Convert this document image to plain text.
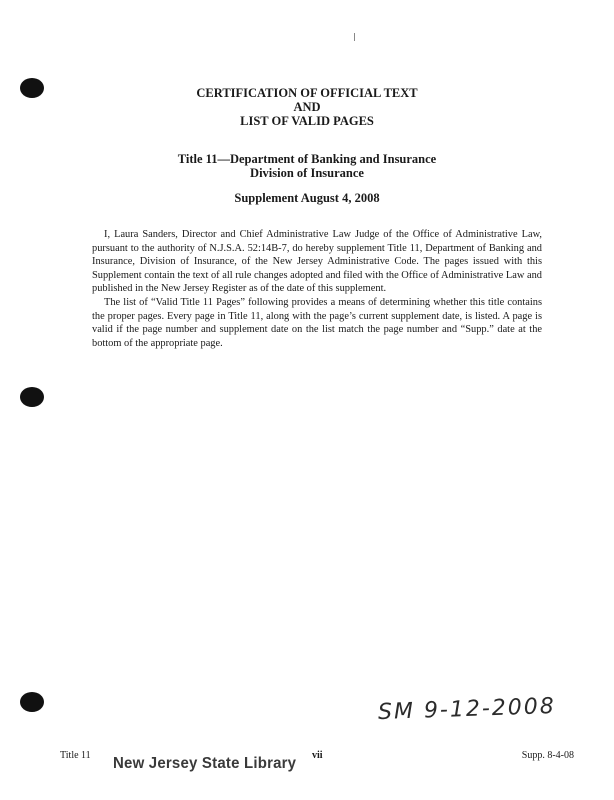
CERTIFICATION OF OFFICIAL TEXT
AND
LIST OF VALID PAGES
Title 11—Department of Banking and Insurance
Division of Insurance
Supplement August 4, 2008

I, Laura Sanders, Director and Chief Administrative Law Judge of the Office of Administrative Law, pursuant to the authority of N.J.S.A. 52:14B-7, do hereby supplement Title 11, Department of Banking and Insurance, Division of Insurance, of the New Jersey Administrative Code. The pages issued with this Supplement contain the text of all rule changes adopted and filed with the Office of Administrative Law and published in the New Jersey Register as of the date of this supplement.

The list of “Valid Title 11 Pages” following provides a means of determining whether this title contains the proper pages. Every page in Title 11, along with the page’s current supplement date, is listed. A page is valid if the page number and supplement date on the list match the page number and “Supp.” date at the bottom of the appropriate page.

SM 9-12-2008
Title 11 New Jersey State Library vii	Supp. 8-4-08
